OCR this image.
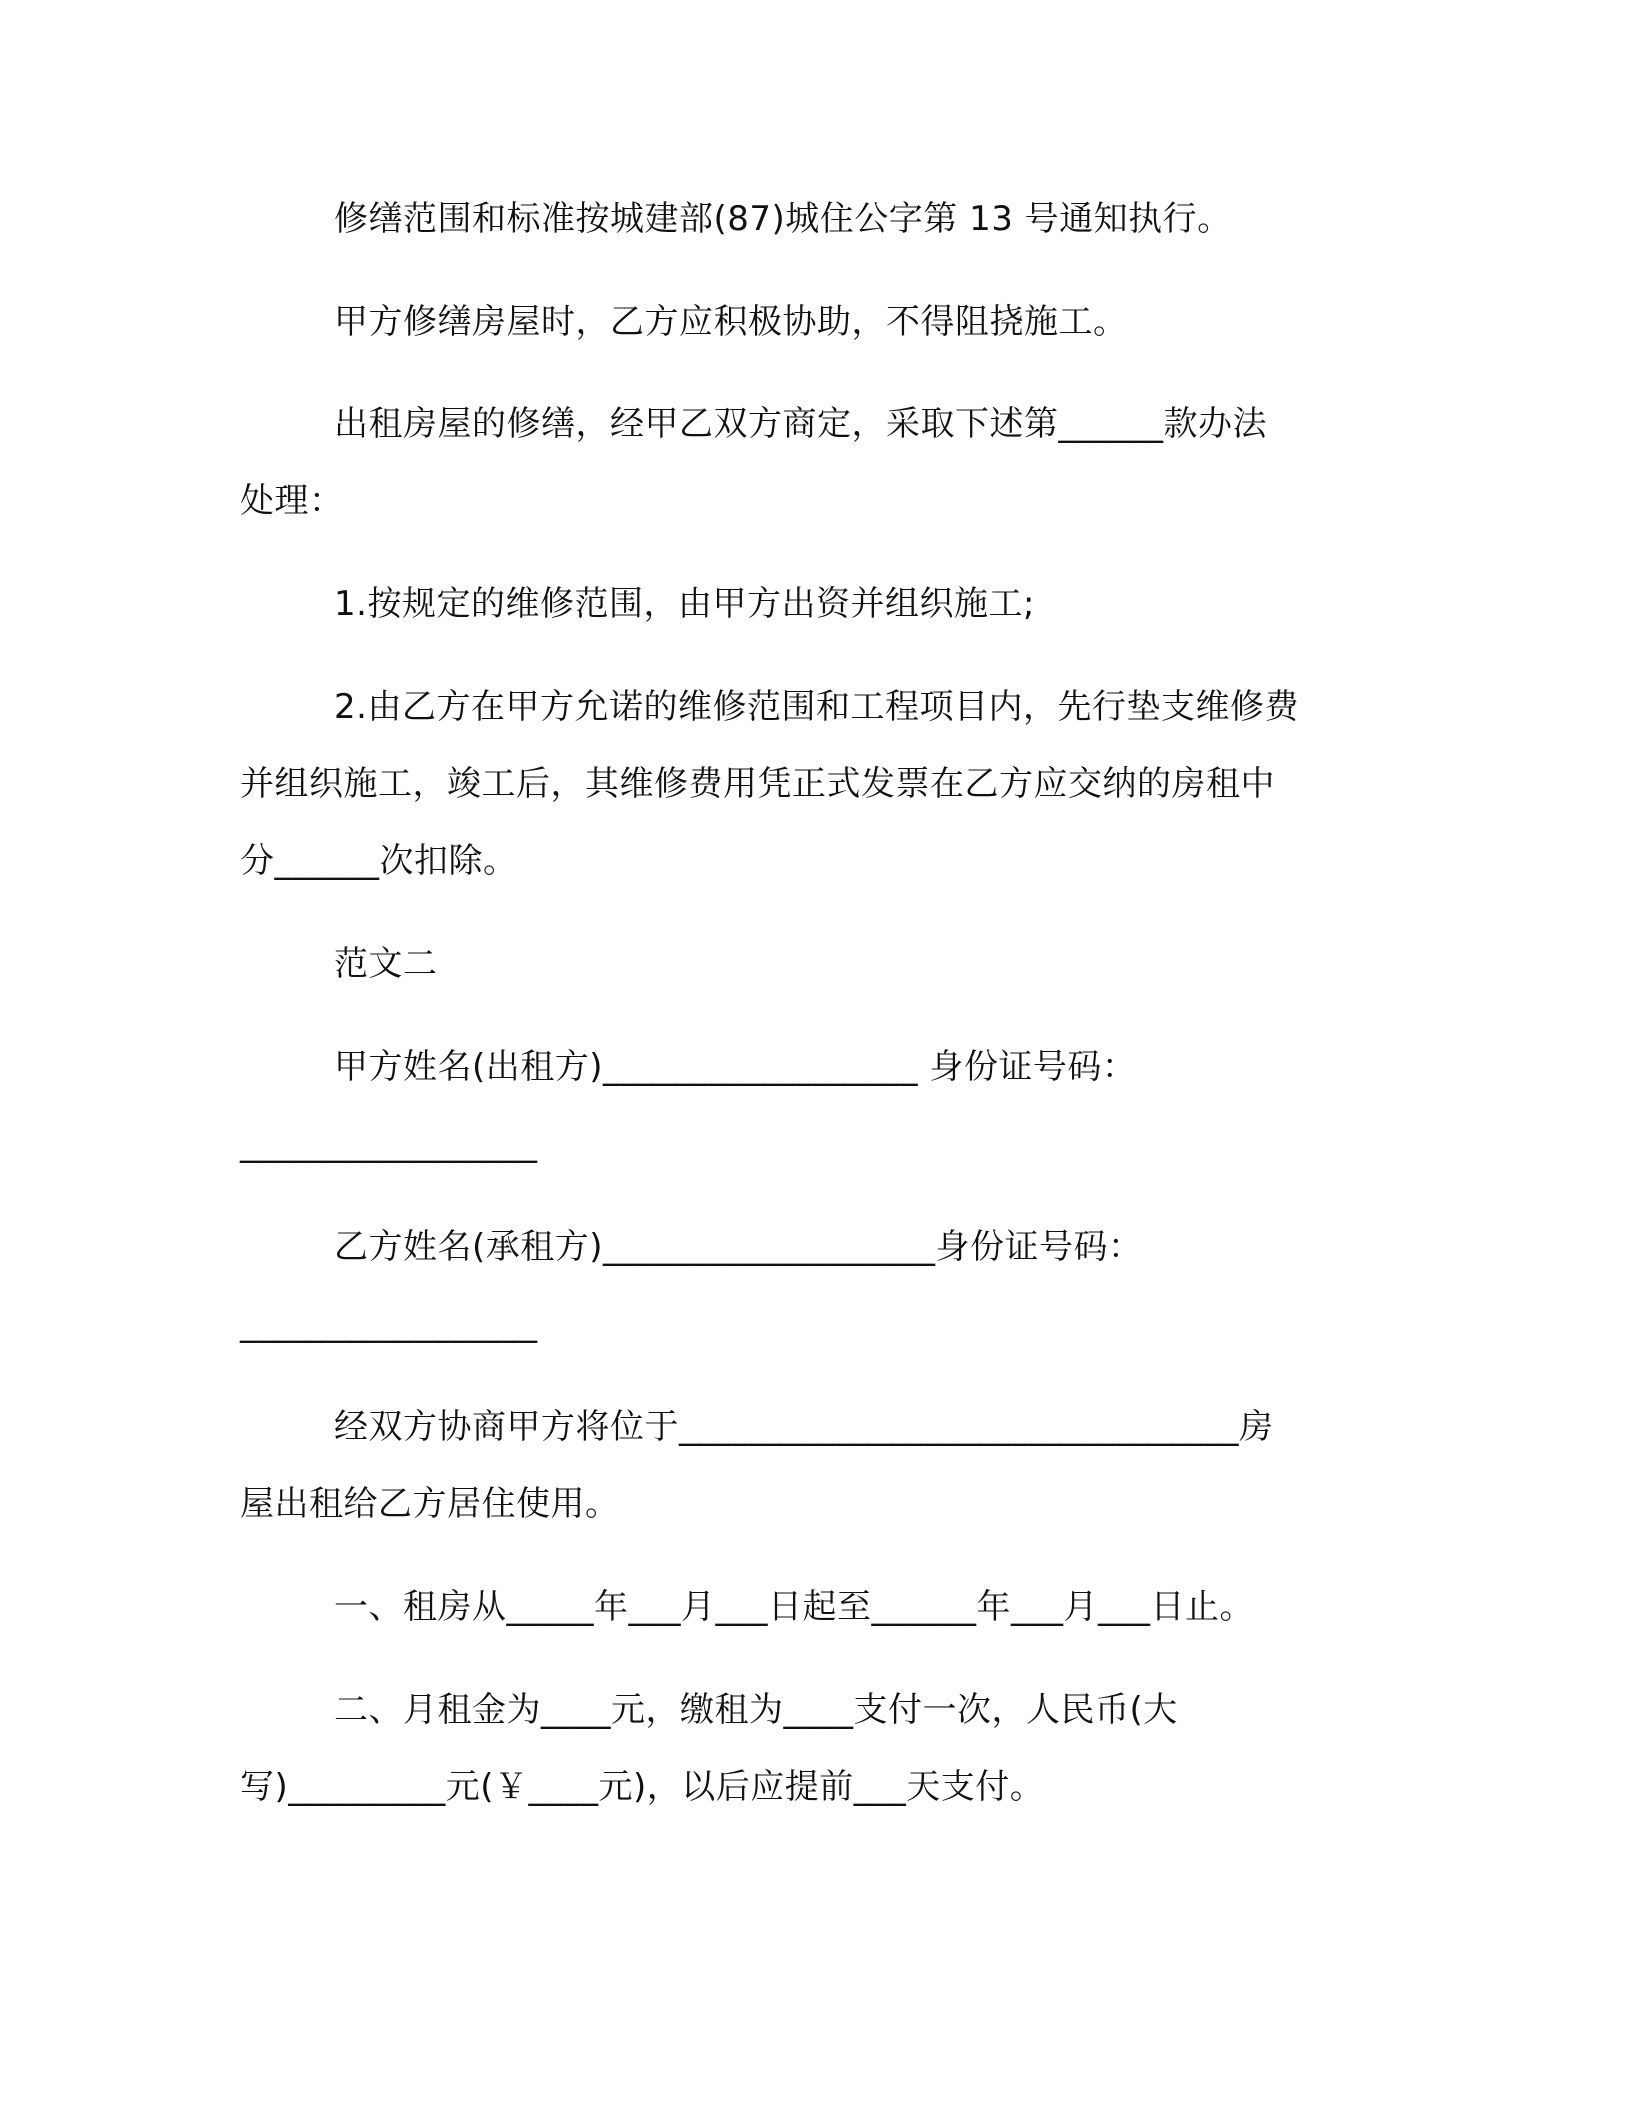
修缮范围和标准按城建部(87)城住公字第 13 号通知执行。

甲方修缮房屋时，乙方应积极协助，不得阻挠施工。

出租房屋的修缮，经甲乙双方商定，采取下述第______款办法

处理：

1.按规定的维修范围，由甲方出资并组织施工;

2.由乙方在甲方允诺的维修范围和工程项目内，先行垫支维修费

并组织施工，竣工后，其维修费用凭正式发票在乙方应交纳的房租中

分______次扣除。

范文二

甲方姓名(出租方)__________________ 身份证号码：

_________________

乙方姓名(承租方)___________________身份证号码：

_________________

经双方协商甲方将位于________________________________房

屋出租给乙方居住使用。

一、租房从_____年___月___日起至______年___月___日止。

二、月租金为____元，缴租为____支付一次，人民币(大

写)_________元(￥____元)，以后应提前___天支付。
